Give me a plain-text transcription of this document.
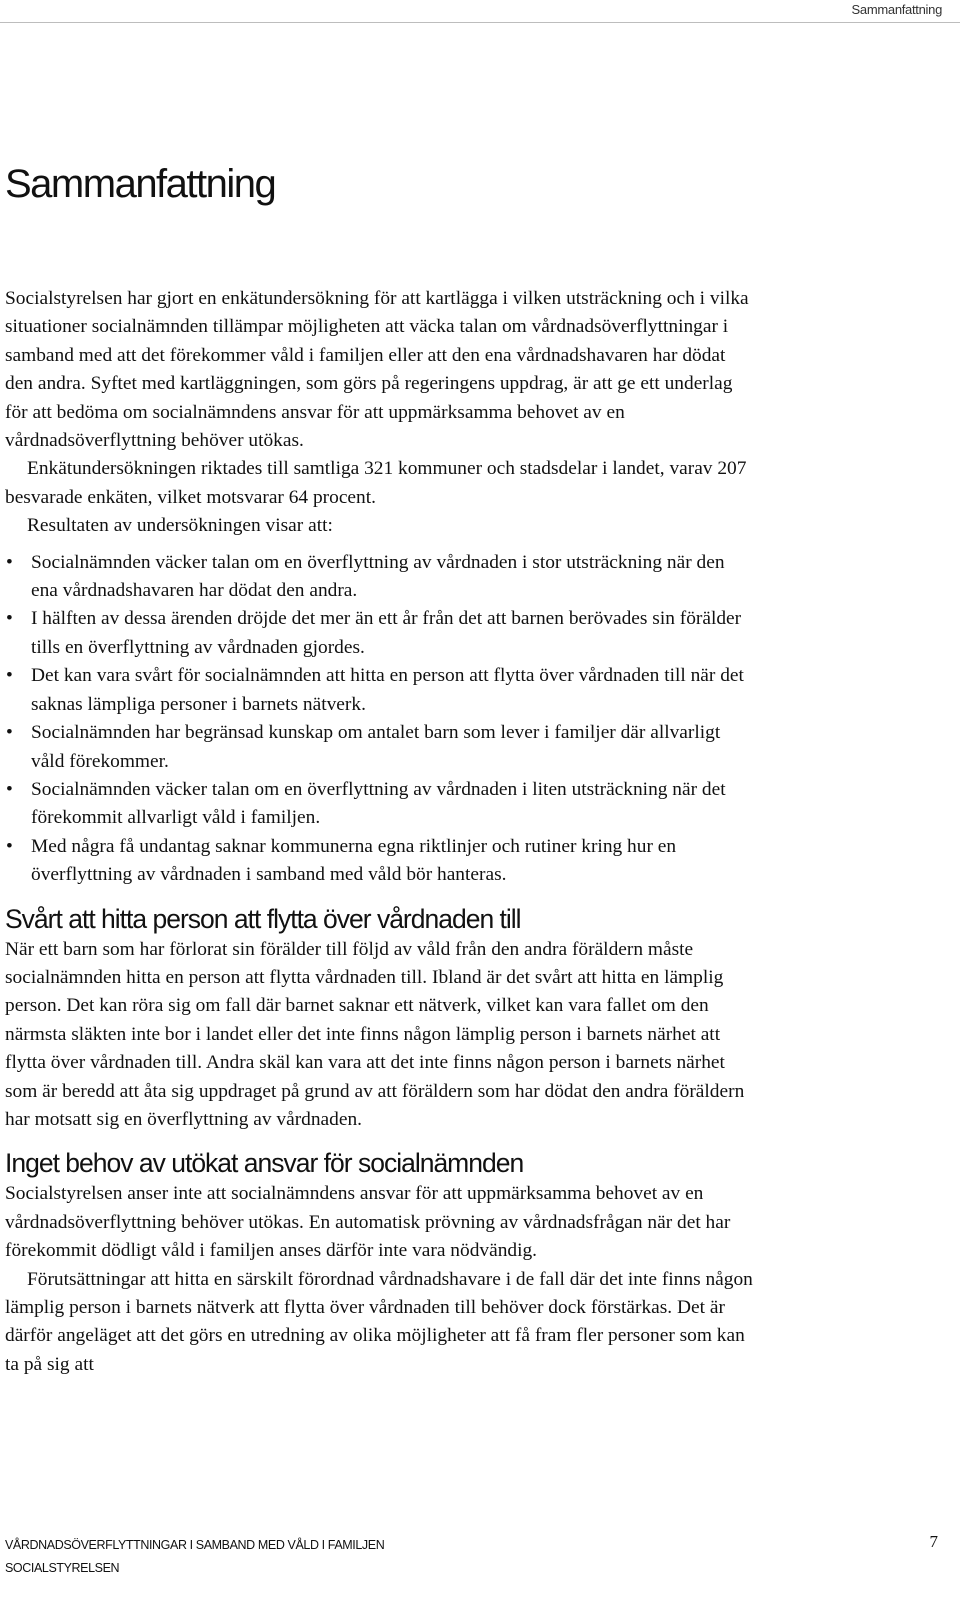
Sammanfattning
Sammanfattning

Socialstyrelsen har gjort en enkätundersökning för att kartlägga i vilken utsträckning och i vilka situationer socialnämnden tillämpar möjligheten att väcka talan om vårdnadsöverflyttningar i samband med att det förekommer våld i familjen eller att den ena vårdnadshavaren har dödat den andra. Syftet med kartläggningen, som görs på regeringens uppdrag, är att ge ett underlag för att bedöma om socialnämndens ansvar för att uppmärksamma behovet av en vårdnadsöverflyttning behöver utökas.

Enkätundersökningen riktades till samtliga 321 kommuner och stadsdelar i landet, varav 207 besvarade enkäten, vilket motsvarar 64 procent.

Resultaten av undersökningen visar att:

• Socialnämnden väcker talan om en överflyttning av vårdnaden i stor utsträckning när den ena vårdnadshavaren har dödat den andra.
• I hälften av dessa ärenden dröjde det mer än ett år från det att barnen berövades sin förälder tills en överflyttning av vårdnaden gjordes.
• Det kan vara svårt för socialnämnden att hitta en person att flytta över vårdnaden till när det saknas lämpliga personer i barnets nätverk.
• Socialnämnden har begränsad kunskap om antalet barn som lever i familjer där allvarligt våld förekommer.
• Socialnämnden väcker talan om en överflyttning av vårdnaden i liten utsträckning när det förekommit allvarligt våld i familjen.
• Med några få undantag saknar kommunerna egna riktlinjer och rutiner kring hur en överflyttning av vårdnaden i samband med våld bör hanteras.
Svårt att hitta person att flytta över vårdnaden till

När ett barn som har förlorat sin förälder till följd av våld från den andra föräldern måste socialnämnden hitta en person att flytta vårdnaden till. Ibland är det svårt att hitta en lämplig person. Det kan röra sig om fall där barnet saknar ett nätverk, vilket kan vara fallet om den närmsta släkten inte bor i landet eller det inte finns någon lämplig person i barnets närhet att flytta över vårdnaden till. Andra skäl kan vara att det inte finns någon person i barnets närhet som är beredd att åta sig uppdraget på grund av att föräldern som har dödat den andra föräldern har motsatt sig en överflyttning av vårdnaden.

Inget behov av utökat ansvar för socialnämnden

Socialstyrelsen anser inte att socialnämndens ansvar för att uppmärksamma behovet av en vårdnadsöverflyttning behöver utökas. En automatisk prövning av vårdnadsfrågan när det har förekommit dödligt våld i familjen anses därför inte vara nödvändig.

Förutsättningar att hitta en särskilt förordnad vårdnadshavare i de fall där det inte finns någon lämplig person i barnets nätverk att flytta över vårdnaden till behöver dock förstärkas. Det är därför angeläget att det görs en utredning av olika möjligheter att få fram fler personer som kan ta på sig att

VÅRDNADSÖVERFLYTTNINGAR I SAMBAND MED VÅLD I FAMILJEN
SOCIALSTYRELSEN
7
